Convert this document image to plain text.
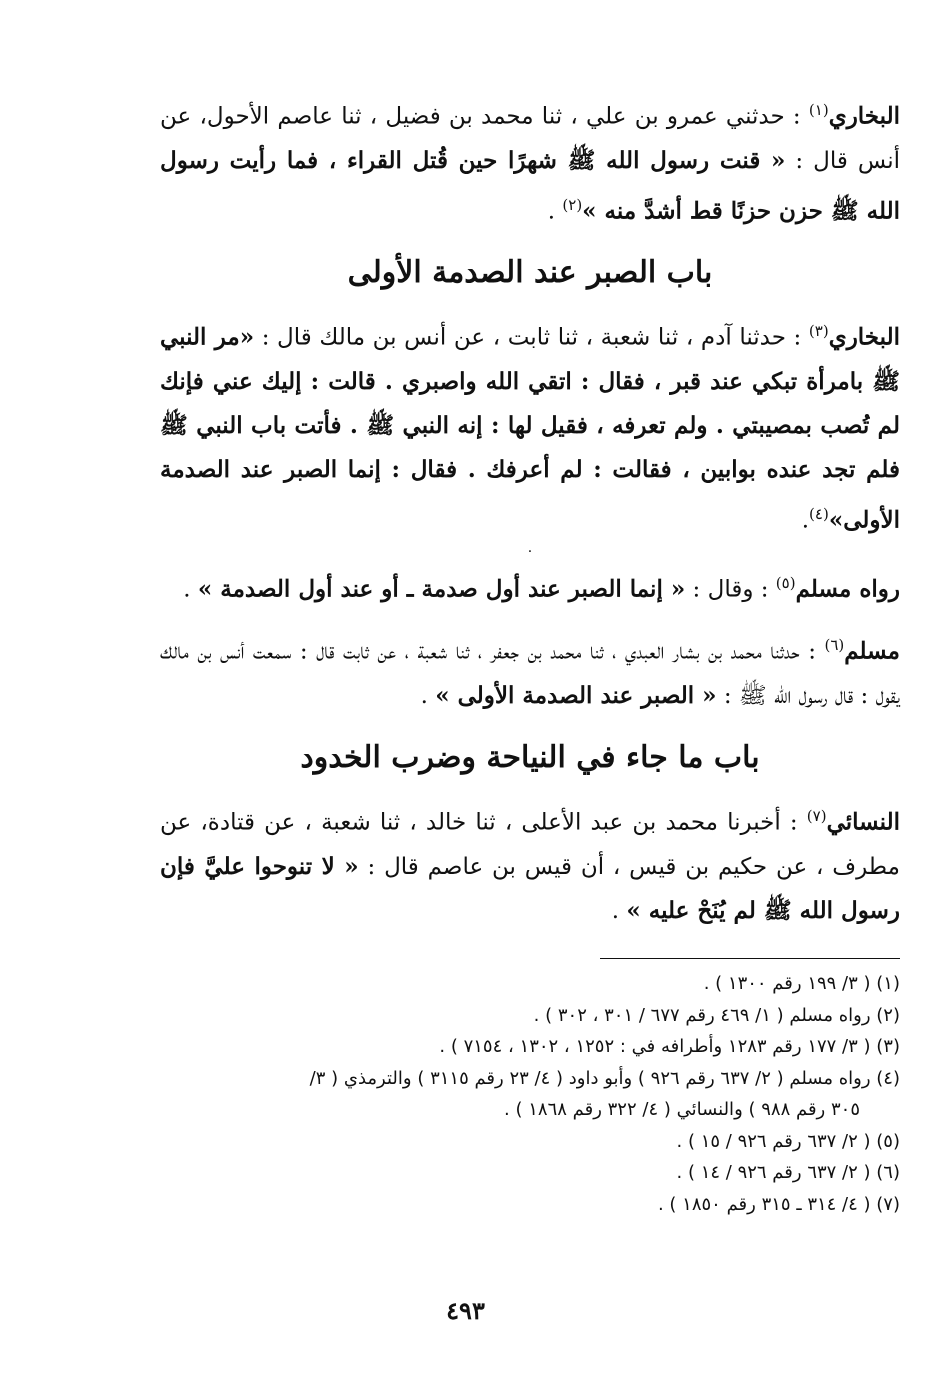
البخاري$^{(١)}$ : حدثني عمرو بن علي ، ثنا محمد بن فضيل ، ثنا عاصم الأحول، عن أنس قال : « قنت رسول الله ﷺ شهرًا حين قُتل القراء ، فما رأيت رسول الله ﷺ حزن حزنًا قط أشدَّ منه »$^{(٢)}$ .

باب الصبر عند الصدمة الأولى

البخاري$^{(٣)}$ : حدثنا آدم ، ثنا شعبة ، ثنا ثابت ، عن أنس بن مالك قال : «مر النبي ﷺ بامرأة تبكي عند قبر ، فقال : اتقي الله واصبري . قالت : إليك عني فإنك لم تُصب بمصيبتي . ولم تعرفه ، فقيل لها : إنه النبي ﷺ . فأتت باب النبي ﷺ فلم تجد عنده بوابين ، فقالت : لم أعرفك . فقال : إنما الصبر عند الصدمة الأولى»$^{(٤)}$.

·

رواه مسلم$^{(٥)}$ : وقال : « إنما الصبر عند أول صدمة ـ أو عند أول الصدمة » .

مسلم$^{(٦)}$ : حدثنا محمد بن بشار العبدي ، ثنا محمد بن جعفر ، ثنا شعبة ، عن ثابت قال : سمعت أنس بن مالك يقول : قال رسول الله ﷺ : « الصبر عند الصدمة الأولى » .

باب ما جاء في النياحة وضرب الخدود

النسائي$^{(٧)}$ : أخبرنا محمد بن عبد الأعلى ، ثنا خالد ، ثنا شعبة ، عن قتادة، عن مطرف ، عن حكيم بن قيس ، أن قيس بن عاصم قال : « لا تنوحوا عليَّ فإن رسول الله ﷺ لم يُنَحْ عليه » .

(١) ( ٣/ ١٩٩ رقم ١٣٠٠ ) .

(٢) رواه مسلم ( ١/ ٤٦٩ رقم ٦٧٧ / ٣٠١ ، ٣٠٢ ) .

(٣) ( ٣/ ١٧٧ رقم ١٢٨٣ وأطرافه في : ١٢٥٢ ، ١٣٠٢ ، ٧١٥٤ ) .

(٤) رواه مسلم ( ٢/ ٦٣٧ رقم ٩٢٦ ) وأبو داود ( ٤/ ٢٣ رقم ٣١١٥ ) والترمذي ( ٣/

٣٠٥ رقم ٩٨٨ ) والنسائي ( ٤/ ٣٢٢ رقم ١٨٦٨ ) .

(٥) ( ٢/ ٦٣٧ رقم ٩٢٦ / ١٥ ) .

(٦) ( ٢/ ٦٣٧ رقم ٩٢٦ / ١٤ ) .

(٧) ( ٤/ ٣١٤ ـ ٣١٥ رقم ١٨٥٠ ) .

٤٩٣
